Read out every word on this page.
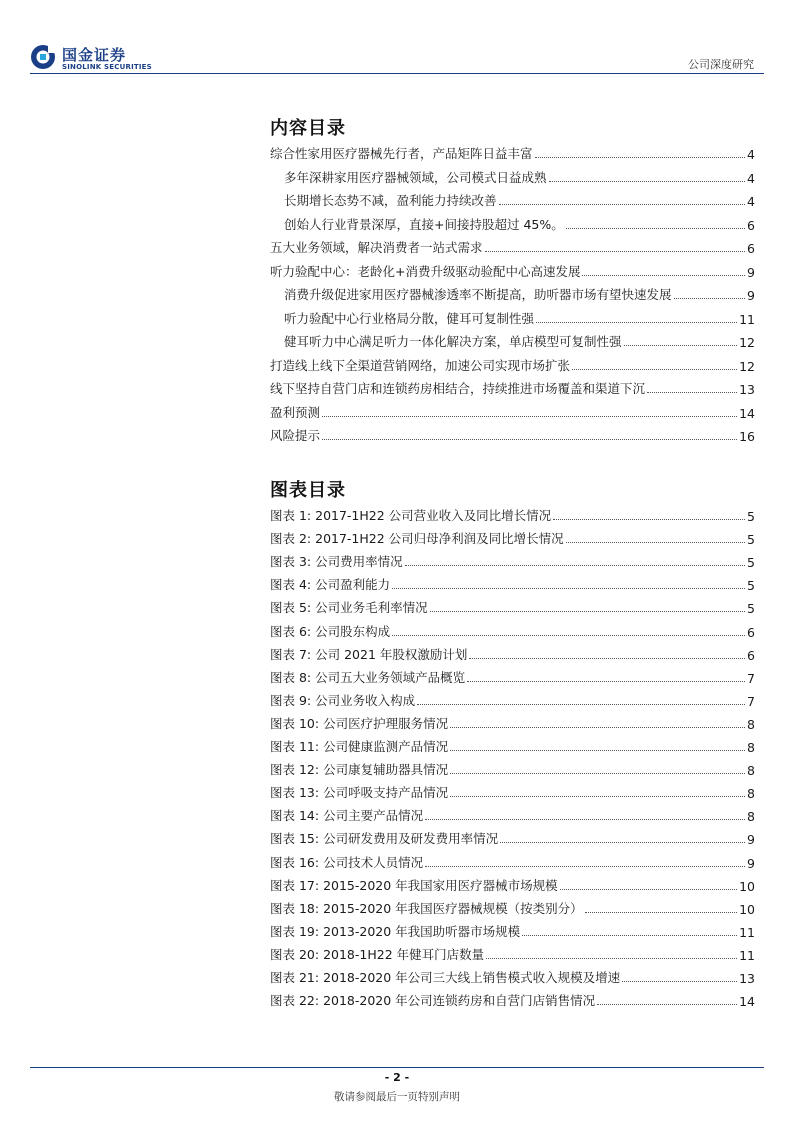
国金证券
SINOLINK SECURITIES	公司深度研究
内容目录
综合性家用医疗器械先行者，产品矩阵日益丰富	4
多年深耕家用医疗器械领域，公司模式日益成熟	4
长期增长态势不减，盈利能力持续改善	4
创始人行业背景深厚，直接+间接持股超过 45%。	6
五大业务领域，解决消费者一站式需求	6
听力验配中心：老龄化+消费升级驱动验配中心高速发展	9
消费升级促进家用医疗器械渗透率不断提高，助听器市场有望快速发展	9
听力验配中心行业格局分散，健耳可复制性强	11
健耳听力中心满足听力一体化解决方案，单店模型可复制性强	12
打造线上线下全渠道营销网络，加速公司实现市场扩张	12
线下坚持自营门店和连锁药房相结合，持续推进市场覆盖和渠道下沉	13
盈利预测	14
风险提示	16
图表目录
图表 1: 2017-1H22 公司营业收入及同比增长情况	5
图表 2: 2017-1H22 公司归母净利润及同比增长情况	5
图表 3: 公司费用率情况	5
图表 4: 公司盈利能力	5
图表 5: 公司业务毛利率情况	5
图表 6: 公司股东构成	6
图表 7: 公司 2021 年股权激励计划	6
图表 8: 公司五大业务领域产品概览	7
图表 9: 公司业务收入构成	7
图表 10: 公司医疗护理服务情况	8
图表 11: 公司健康监测产品情况	8
图表 12: 公司康复辅助器具情况	8
图表 13: 公司呼吸支持产品情况	8
图表 14: 公司主要产品情况	8
图表 15: 公司研发费用及研发费用率情况	9
图表 16: 公司技术人员情况	9
图表 17: 2015-2020 年我国家用医疗器械市场规模	10
图表 18: 2015-2020 年我国医疗器械规模（按类别分）	10
图表 19: 2013-2020 年我国助听器市场规模	11
图表 20: 2018-1H22 年健耳门店数量	11
图表 21: 2018-2020 年公司三大线上销售模式收入规模及增速	13
图表 22: 2018-2020 年公司连锁药房和自营门店销售情况	14
- 2 -
敬请参阅最后一页特别声明
